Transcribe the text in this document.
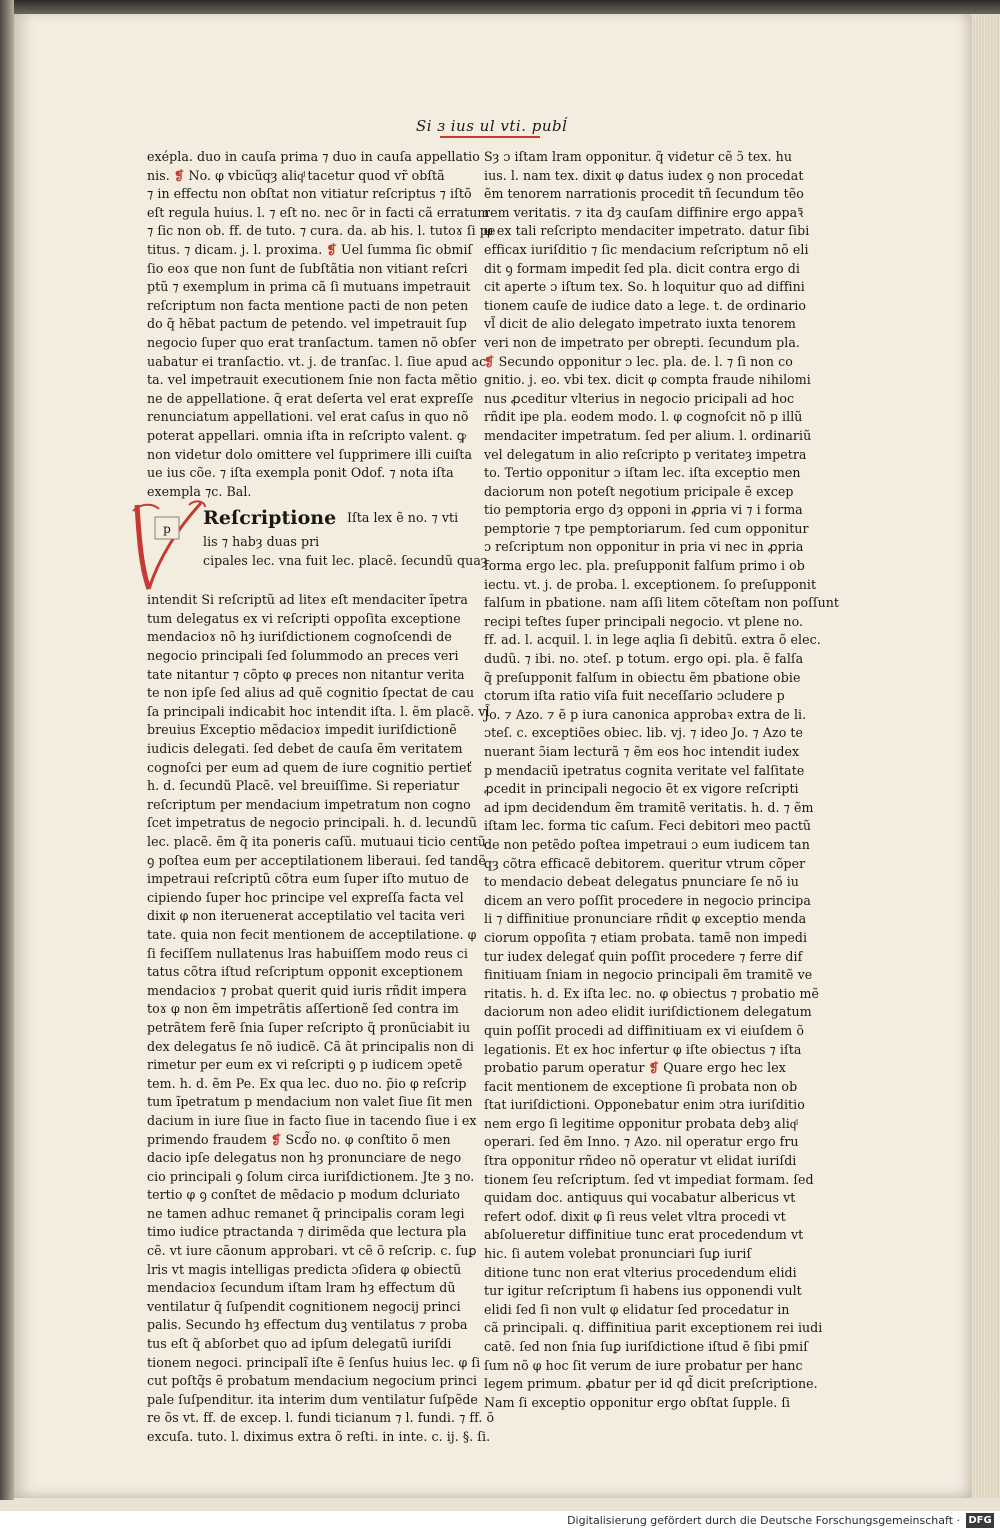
Si ɜ ius ul vti. pubĺ
exépla. duo in cauſa prima ⁊ duo in cauſa appellatio
nis. ❡ No. φ vbicũqȝ aliqͩ tacetur quod vr̃ obſtã
⁊ in effectu non obſtat non vitiatur reſcriptus ⁊ iſtõ
eſt regula huius. l. ⁊ eſt no. nec õr in facti cã erratum
⁊ ſic non ob. ff. de tuto. ⁊ cura. da. ab his. l. tutoɤ ſi pe
titus. ⁊ dicam. j. l. proxima. ❡ Uel ſumma ſic obmiſ
ſio eoɤ que non ſunt de ſubſtãtia non vitiant reſcri
ptũ ⁊ exemplum in prima cã ſi mutuans impetrauit
reſcriptum non facta mentione pacti de non peten
do q̃ hẽbat pactum de petendo. vel impetrauit ſup
negocio ſuper quo erat tranſactum. tamen nõ obſer
uabatur ei tranſactio. vt. j. de tranſac. l. ſiue apud ac
ta. vel impetrauit executionem ſnie non facta mẽtio
ne de appellatione. q̃ erat deſerta vel erat expreſſe
renunciatum appellationi. vel erat caſus in quo nõ
poterat appellari. omnia iſta in reſcripto valent. ꝙ
non videtur dolo omittere vel ſupprimere illi cuiſta
ue ius cõe. ⁊ iſta exempla ponit Odof. ⁊ nota iſta
exempla ⁊c. Bal.
p Reſcriptione Iſta lex ẽ no. ⁊ vti
lis ⁊ habȝ duas pri
cipales lec. vna fuit lec. placẽ. ſecundũ quaȝ
intendit Si reſcriptũ ad liteɤ eſt mendaciter ĩpetra
tum delegatus ex vi reſcripti oppoſita exceptione
mendacioɤ nõ hȝ iuriſdictionem cognoſcendi de
negocio principali ſed ſolummodo an preces veri
tate nitantur ⁊ cõpto φ preces non nitantur verita
te non ipſe ſed alius ad quẽ cognitio ſpectat de cau
ſa principali indicabit hoc intendit iſta. l. ẽm placẽ. vl̃
breuius Exceptio mẽdacioɤ impedit iuriſdictionẽ
iudicis delegati. ſed debet de cauſa ẽm veritatem
cognoſci per eum ad quem de iure cognitio pertieť
h. d. ſecundũ Placẽ. vel breuiſſime. Si reperiatur
reſcriptum per mendacium impetratum non cogno
ſcet impetratus de negocio principali. h. d. lecundũ
lec. placẽ. ẽm q̃ ita poneris caſũ. mutuaui ticio centũ
ꝯ poſtea eum per acceptilationem liberaui. ſed tandẽ
impetraui reſcriptũ cõtra eum ſuper iſto mutuo de
cipiendo ſuper hoc principe vel expreſſa facta vel
dixit φ non iteruenerat acceptilatio vel tacita veri
tate. quia non fecit mentionem de acceptilatione. φ
ſi feciſſem nullatenus lras habuiſſem modo reus ci
tatus cõtra iſtud reſcriptum opponit exceptionem
mendacioɤ ⁊ probat querit quid iuris rñdit impera
toɤ φ non ẽm impetrãtis aſſertionẽ ſed contra im
petrãtem ferẽ ſnia ſuper reſcripto q̃ pronũciabit iu
dex delegatus ſe nõ iudicẽ. Cã ãt principalis non di
rimetur per eum ex vi reſcripti ꝯ p iudicem ɔpetẽ
tem. h. d. ẽm Pe. Ex qua lec. duo no. p̃io φ reſcrip
tum ĩpetratum p mendacium non valet ſiue ſit men
dacium in iure ſiue in facto ſiue in tacendo ſiue i ex
primendo fraudem ❡ Scd̃o no. φ conſtito õ men
dacio ipſe delegatus non hȝ pronunciare de nego
cio principali ꝯ ſolum circa iuriſdictionem. Jte ꝫ no.
tertio φ ꝯ conſtet de mẽdacio p modum dcluriato
ne tamen adhuc remanet q̃ principalis coram legi
timo iudice ptractanda ⁊ dirimẽda que lectura pla
cẽ. vt iure cãonum approbari. vt cẽ õ reſcrip. c. ſuꝑ
lris vt magis intelligas predicta ɔſidera φ obiectũ
mendacioɤ ſecundum iſtam lram hȝ effectum dũ
ventilatur q̃ ſuſpendit cognitionem negocij princi
palis. Secundo hȝ effectum duꝫ ventilatus ⁊ proba
tus eſt q̃ abſorbet quo ad ipſum delegatũ iuriſdi
tionem negoci. principalĩ iſte ẽ ſenſus huius lec. φ ſi
cut poſtq̃s ẽ probatum mendacium negocium princi
pale ſuſpenditur. ita interim dum ventilatur ſuſpẽde
re õs vt. ff. de excep. l. fundi ticianum ⁊ l. fundi. ⁊ ff. õ
excuſa. tuto. l. diximus extra õ reſti. in inte. c. ij. §. ſi.
Sȝ ɔ iſtam lram opponitur. q̃ videtur cẽ ɔ̃ tex. hu
ius. l. nam tex. dixit φ datus iudex ꝯ non procedat
ẽm tenorem narrationis procedit tñ ſecundum tẽo
rem veritatis. ⁊ ita dȝ cauſam diffinire ergo appaꝛ̃
φ ex tali reſcripto mendaciter impetrato. datur ſibi
efficax iuriſditio ⁊ ſic mendacium reſcriptum nõ eli
dit ꝯ formam impedit ſed pla. dicit contra ergo di
cit aperte ɔ iſtum tex. So. h loquitur quo ad diffini
tionem cauſe de iudice dato a lege. t. de ordinario
vl̃ dicit de alio delegato impetrato iuxta tenorem
veri non de impetrato per obrepti. ſecundum pla.
❡ Secundo opponitur ɔ lec. pla. de. l. ⁊ ſi non co
gnitio. j. eo. vbi tex. dicit φ compta fraude nihilomi
nus ꝓceditur vlterius in negocio pricipali ad hoc
rñdit ipe pla. eodem modo. l. φ cognoſcit nõ p illũ
mendaciter impetratum. ſed per alium. l. ordinariũ
vel delegatum in alio reſcripto p veritateȝ impetra
to. Tertio opponitur ɔ iſtam lec. iſta exceptio men
daciorum non poteſt negotium pricipale ẽ excep
tio pemptoria ergo dȝ opponi in ꝓpria vi ⁊ i forma
pemptorie ⁊ tpe pemptoriarum. ſed cum opponitur
ɔ reſcriptum non opponitur in pria vi nec in ꝓpria
forma ergo lec. pla. preſupponit falſum primo i ob
iectu. vt. j. de proba. l. exceptionem. ſo preſupponit
falſum in pbatione. nam aſſi litem cõteſtam non poſſunt
recipi teſtes ſuper principali negocio. vt plene no.
ff. ad. l. acquil. l. in lege aqlia ſi debitũ. extra õ elec.
dudũ. ⁊ ibi. no. ɔteſ. p totum. ergo opi. pla. ẽ falſa
q̃ preſupponit falſum in obiectu ẽm pbatione obie
ctorum iſta ratio viſa fuit neceſſario ɔcludere p
Jo. ⁊ Azo. ⁊ ẽ p iura canonica approbaꝛ extra de li.
ɔteſ. c. exceptiões obiec. lib. vj. ⁊ ideo Jo. ⁊ Azo te
nuerant ɔ̃iam lecturã ⁊ ẽm eos hoc intendit iudex
p mendaciũ ipetratus cognita veritate vel falſitate
ꝓcedit in principali negocio ẽt ex vigore reſcripti
ad ipm decidendum ẽm tramitẽ veritatis. h. d. ⁊ ẽm
iſtam lec. forma tic caſum. Feci debitori meo pactũ
de non petẽdo poſtea impetraui ɔ eum iudicem tan
qȝ cõtra efficacẽ debitorem. queritur vtrum cõper
to mendacio debeat delegatus pnunciare ſe nõ iu
dicem an vero poſſit procedere in negocio principa
li ⁊ diffinitiue pronunciare rñdit φ exceptio menda
ciorum oppoſita ⁊ etiam probata. tamẽ non impedi
tur iudex delegať quin poſſit procedere ⁊ ferre dif
finitiuam ſniam in negocio principali ẽm tramitẽ ve
ritatis. h. d. Ex iſta lec. no. φ obiectus ⁊ probatio mẽ
daciorum non adeo elidit iuriſdictionem delegatum
quin poſſit procedi ad diffinitiuam ex vi eiuſdem õ
legationis. Et ex hoc infertur φ iſte obiectus ⁊ iſta
probatio parum operatur ❡ Quare ergo hec lex
facit mentionem de exceptione ſi probata non ob
ſtat iuriſdictioni. Opponebatur enim ɔtra iuriſditio
nem ergo ſi legitime opponitur probata debȝ aliqͩ
operari. ſed ẽm Inno. ⁊ Azo. nil operatur ergo fru
ſtra opponitur rñdeo nõ operatur vt elidat iuriſdi
tionem ſeu reſcriptum. ſed vt impediat formam. ſed
quidam doc. antiquus qui vocabatur albericus vt
refert odof. dixit φ ſi reus velet vltra procedi vt
abſolueretur diffinitiue tunc erat procedendum vt
hic. ſi autem volebat pronunciari ſuꝑ iuriſ
ditione tunc non erat vlterius procedendum elidi
tur igitur reſcriptum ſi habens ius opponendi vult
elidi ſed ſi non vult φ elidatur ſed procedatur in
cã principali. q. diffinitiua parit exceptionem rei iudi
catẽ. ſed non ſnia ſuꝑ iuriſdictione iſtud ẽ ſibi pmiſ
ſum nõ φ hoc ſit verum de iure probatur per hanc
legem primum. ꝓbatur per id qd̃ dicit preſcriptione.
Nam ſi exceptio opponitur ergo obſtat ſupple. ſi
Digitalisierung gefördert durch die Deutsche Forschungsgemeinschaft · DFG
